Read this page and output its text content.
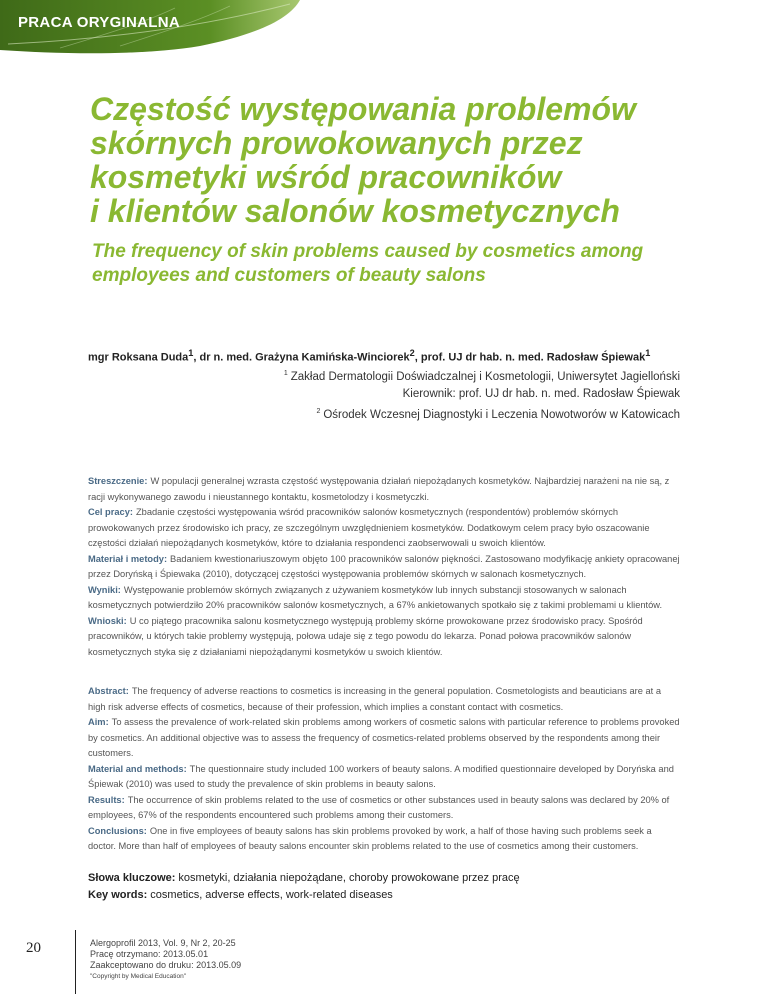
PRACA ORYGINALNA
Częstość występowania problemów
skórnych prowokowanych przez
kosmetyki wśród pracowników
i klientów salonów kosmetycznych
The frequency of skin problems caused by cosmetics among
employees and customers of beauty salons
mgr Roksana Duda$^1$, dr n. med. Grażyna Kamińska-Winciorek$^2$, prof. UJ dr hab. n. med. Radosław Śpiewak$^1$
$^1$ Zakład Dermatologii Doświadczalnej i Kosmetologii, Uniwersytet Jagielloński
Kierownik: prof. UJ dr hab. n. med. Radosław Śpiewak
$^2$ Ośrodek Wczesnej Diagnostyki i Leczenia Nowotworów w Katowicach

Streszczenie: W populacji generalnej wzrasta częstość występowania działań niepożądanych kosmetyków. Najbardziej narażeni na nie są, z racji wykonywanego zawodu i nieustannego kontaktu, kosmetolodzy i kosmetyczki.

Cel pracy: Zbadanie częstości występowania wśród pracowników salonów kosmetycznych (respondentów) problemów skórnych prowokowanych przez środowisko ich pracy, ze szczególnym uwzględnieniem kosmetyków. Dodatkowym celem pracy było oszacowanie częstości działań niepożądanych kosmetyków, które to działania respondenci zaobserwowali u swoich klientów.

Materiał i metody: Badaniem kwestionariuszowym objęto 100 pracowników salonów piękności. Zastosowano modyfikację ankiety opracowanej przez Doryńską i Śpiewaka (2010), dotyczącej częstości występowania problemów skórnych w salonach kosmetycznych.

Wyniki: Występowanie problemów skórnych związanych z używaniem kosmetyków lub innych substancji stosowanych w salonach kosmetycznych potwierdziło 20% pracowników salonów kosmetycznych, a 67% ankietowanych spotkało się z takimi problemami u klientów.

Wnioski: U co piątego pracownika salonu kosmetycznego występują problemy skórne prowokowane przez środowisko pracy. Spośród pracowników, u których takie problemy występują, połowa udaje się z tego powodu do lekarza. Ponad połowa pracowników salonów kosmetycznych styka się z działaniami niepożądanymi kosmetyków u swoich klientów.

Abstract: The frequency of adverse reactions to cosmetics is increasing in the general population. Cosmetologists and beauticians are at a high risk adverse effects of cosmetics, because of their profession, which implies a constant contact with cosmetics.

Aim: To assess the prevalence of work-related skin problems among workers of cosmetic salons with particular reference to problems provoked by cosmetics. An additional objective was to assess the frequency of cosmetics-related problems observed by the respondents among their customers.

Material and methods: The questionnaire study included 100 workers of beauty salons. A modified questionnaire developed by Doryńska and Śpiewak (2010) was used to study the prevalence of skin problems in beauty salons.

Results: The occurrence of skin problems related to the use of cosmetics or other substances used in beauty salons was declared by 20% of employees, 67% of the respondents encountered such problems among their customers.

Conclusions: One in five employees of beauty salons has skin problems provoked by work, a half of those having such problems seek a doctor. More than half of employees of beauty salons encounter skin problems related to the use of cosmetics among their customers.

Słowa kluczowe: kosmetyki, działania niepożądane, choroby prowokowane przez pracę

Key words: cosmetics, adverse effects, work-related diseases

20	Alergoprofil 2013, Vol. 9, Nr 2, 20-25
Pracę otrzymano: 2013.05.01
Zaakceptowano do druku: 2013.05.09
"Copyright by Medical Education"
